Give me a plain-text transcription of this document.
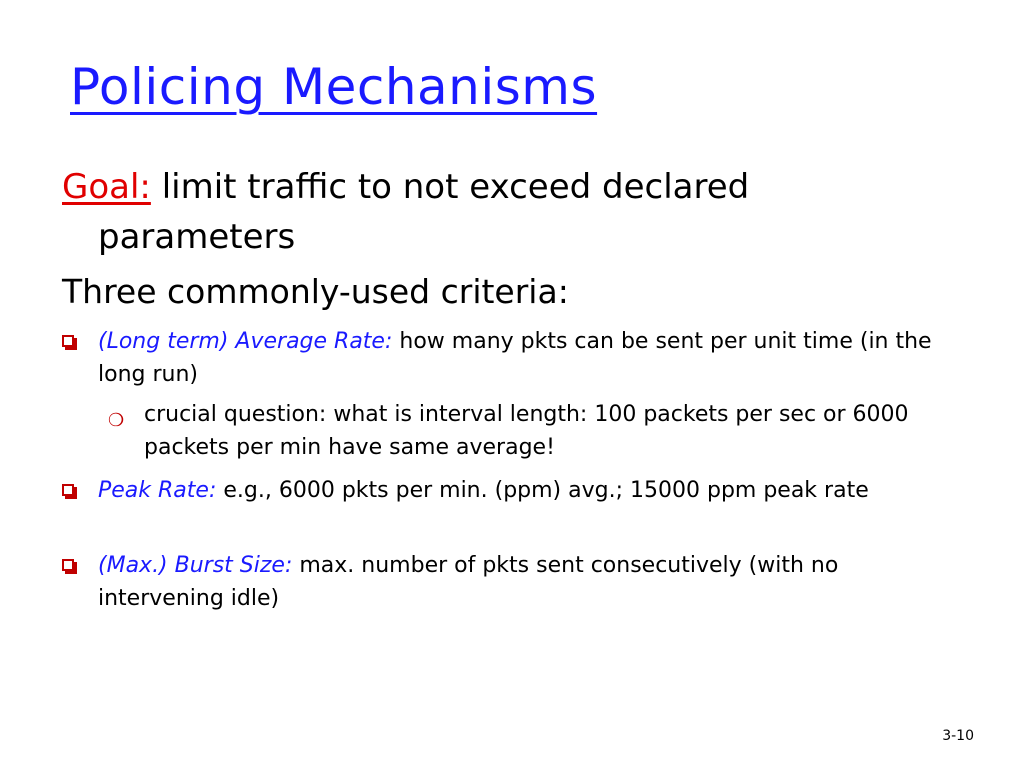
Policing Mechanisms
Goal: limit traffic to not exceed declared
parameters
Three commonly-used criteria:
(Long term) Average Rate: how many pkts can be sent per unit time (in the long run)
❍ crucial question: what is interval length: 100 packets per sec or 6000 packets per min have same average!
Peak Rate: e.g., 6000 pkts per min. (ppm) avg.; 15000 ppm peak rate
(Max.) Burst Size: max. number of pkts sent consecutively (with no intervening idle)
3-10
